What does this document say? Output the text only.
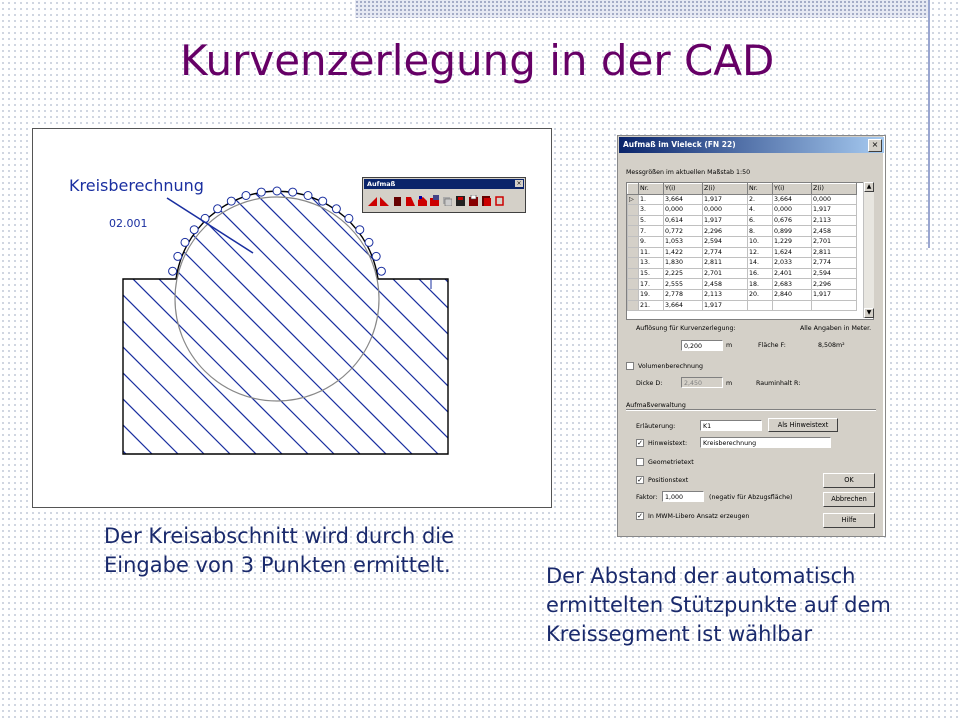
Kurvenzerlegung in der CAD
Kreisberechnung
02.001
Aufmaß	×
Aufmaß im Vieleck (FN 22)	×
Messgrößen im aktuellen Maßstab 1:50
	Nr.	Y(i)	Z(i)	Nr.	Y(i)	Z(i)
▷	1.	3,664	1,917	2.	3,664	0,000
	3.	0,000	0,000	4.	0,000	1,917
	5.	0,614	1,917	6.	0,676	2,113
	7.	0,772	2,296	8.	0,899	2,458
	9.	1,053	2,594	10.	1,229	2,701
	11.	1,422	2,774	12.	1,624	2,811
	13.	1,830	2,811	14.	2,033	2,774
	15.	2,225	2,701	16.	2,401	2,594
	17.	2,555	2,458	18.	2,683	2,296
	19.	2,778	2,113	20.	2,840	1,917
	21.	3,664	1,917			
▲
▼
Auflösung für Kurvenzerlegung:	Alle Angaben in Meter.
0,200	m	Fläche F:	8,508m²
Volumenberechnung
Dicke D:	2,450	m	Rauminhalt R:
Aufmaßverwaltung
Erläuterung:	K1	Als Hinweistext
✓ Hinweistext:	Kreisberechnung
Geometrietext
✓ Positionstext
Faktor:	1,000	(negativ für Abzugsfläche)
✓ In MWM-Libero Ansatz erzeugen
OK
Abbrechen
Hilfe
Der Kreisabschnitt wird durch die Eingabe von 3 Punkten ermittelt.	Der Abstand der automatisch ermittelten Stützpunkte auf dem Kreissegment ist wählbar
